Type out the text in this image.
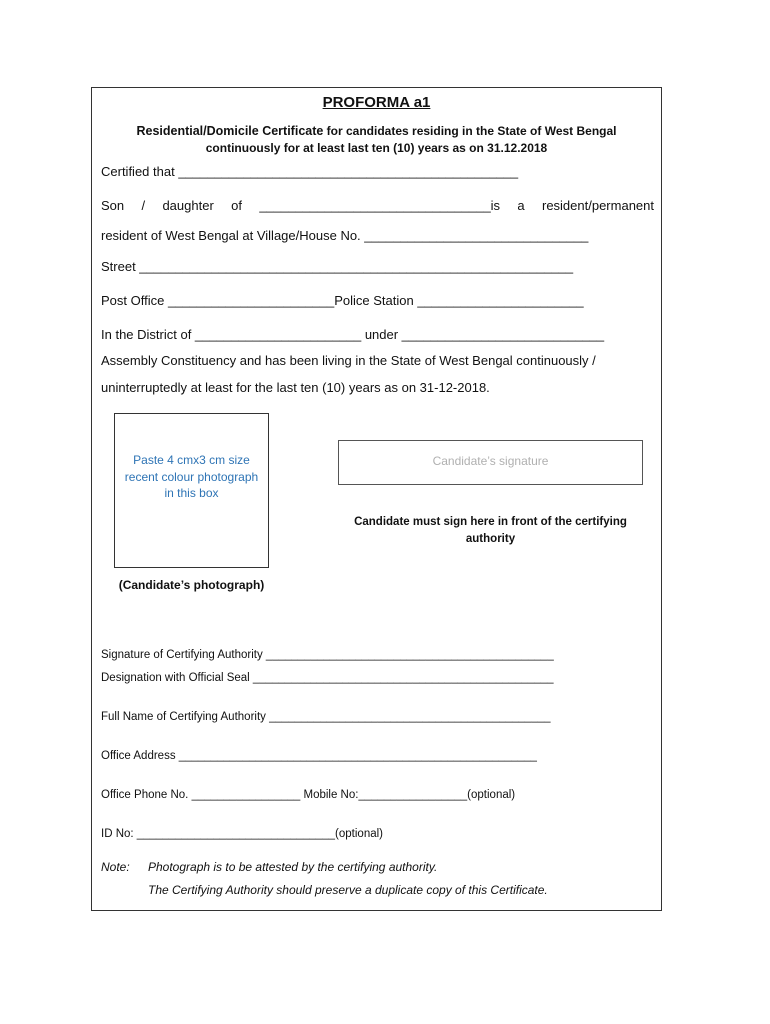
PROFORMA a1
Residential/Domicile Certificate for candidates residing in the State of West Bengal
continuously for at least last ten (10) years as on 31.12.2018
Certified that _______________________________________________
Son / daughter of ________________________________is a resident/permanent
resident of West Bengal at Village/House No. _______________________________
Street ____________________________________________________________
Post Office _______________________Police Station _______________________
In the District of _______________________ under ____________________________
Assembly Constituency and has been living in the State of West Bengal continuously /
uninterruptedly at least for the last ten (10) years as on 31-12-2018.
Paste 4 cmx3 cm size recent colour photograph in this box
(Candidate’s photograph)
Candidate’s signature
Candidate must sign here in front of the certifying authority
Signature of Certifying Authority _____________________________________________
Designation with Official Seal _______________________________________________
Full Name of Certifying Authority ____________________________________________
Office Address ________________________________________________________
Office Phone No. _________________ Mobile No:_________________(optional)
ID No: _______________________________(optional)
Note: Photograph is to be attested by the certifying authority.
The Certifying Authority should preserve a duplicate copy of this Certificate.
